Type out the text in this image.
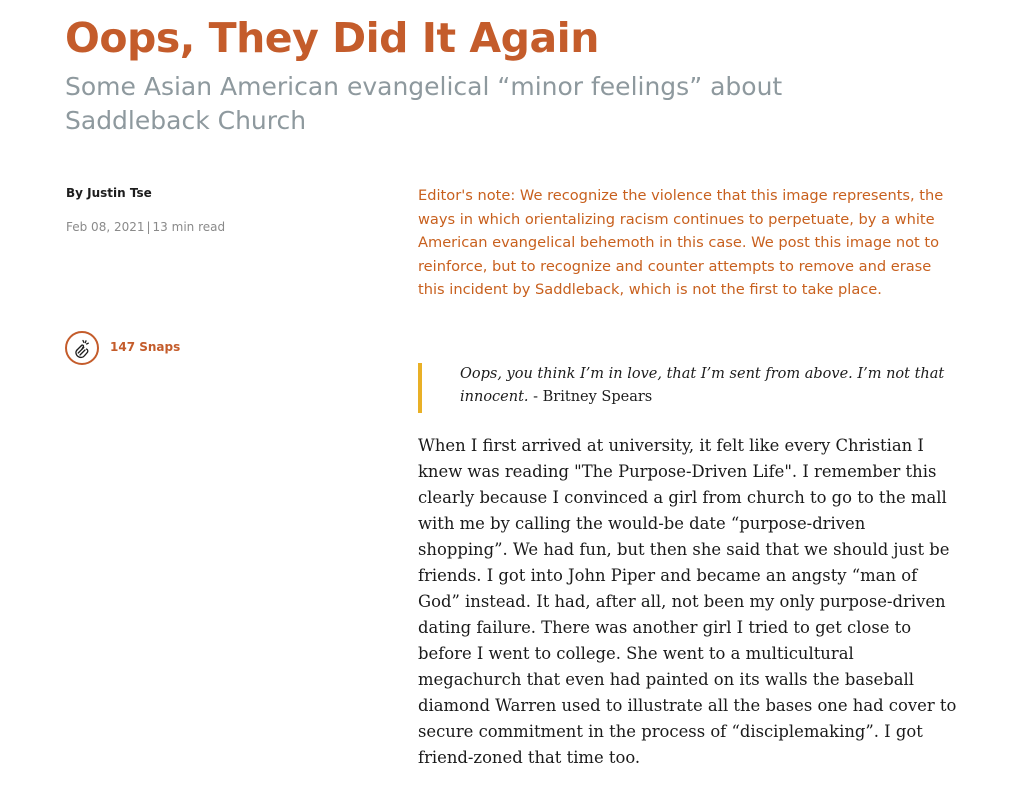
Oops, They Did It Again
Some Asian American evangelical “minor feelings” about Saddleback Church
By Justin Tse
Feb 08, 2021 | 13 min read
147 Snaps

Editor's note: We recognize the violence that this image represents, the ways in which orientalizing racism continues to perpetuate, by a white American evangelical behemoth in this case. We post this image not to reinforce, but to recognize and counter attempts to remove and erase this incident by Saddleback, which is not the first to take place.

Oops, you think I’m in love, that I’m sent from above. I’m not that innocent. - Britney Spears

When I first arrived at university, it felt like every Christian I knew was reading "The Purpose-Driven Life". I remember this clearly because I convinced a girl from church to go to the mall with me by calling the would-be date “purpose-driven shopping”. We had fun, but then she said that we should just be friends. I got into John Piper and became an angsty “man of God” instead. It had, after all, not been my only purpose-driven dating failure. There was another girl I tried to get close to before I went to college. She went to a multicultural megachurch that even had painted on its walls the baseball diamond Warren used to illustrate all the bases one had cover to secure commitment in the process of “disciplemaking”. I got friend-zoned that time too.
